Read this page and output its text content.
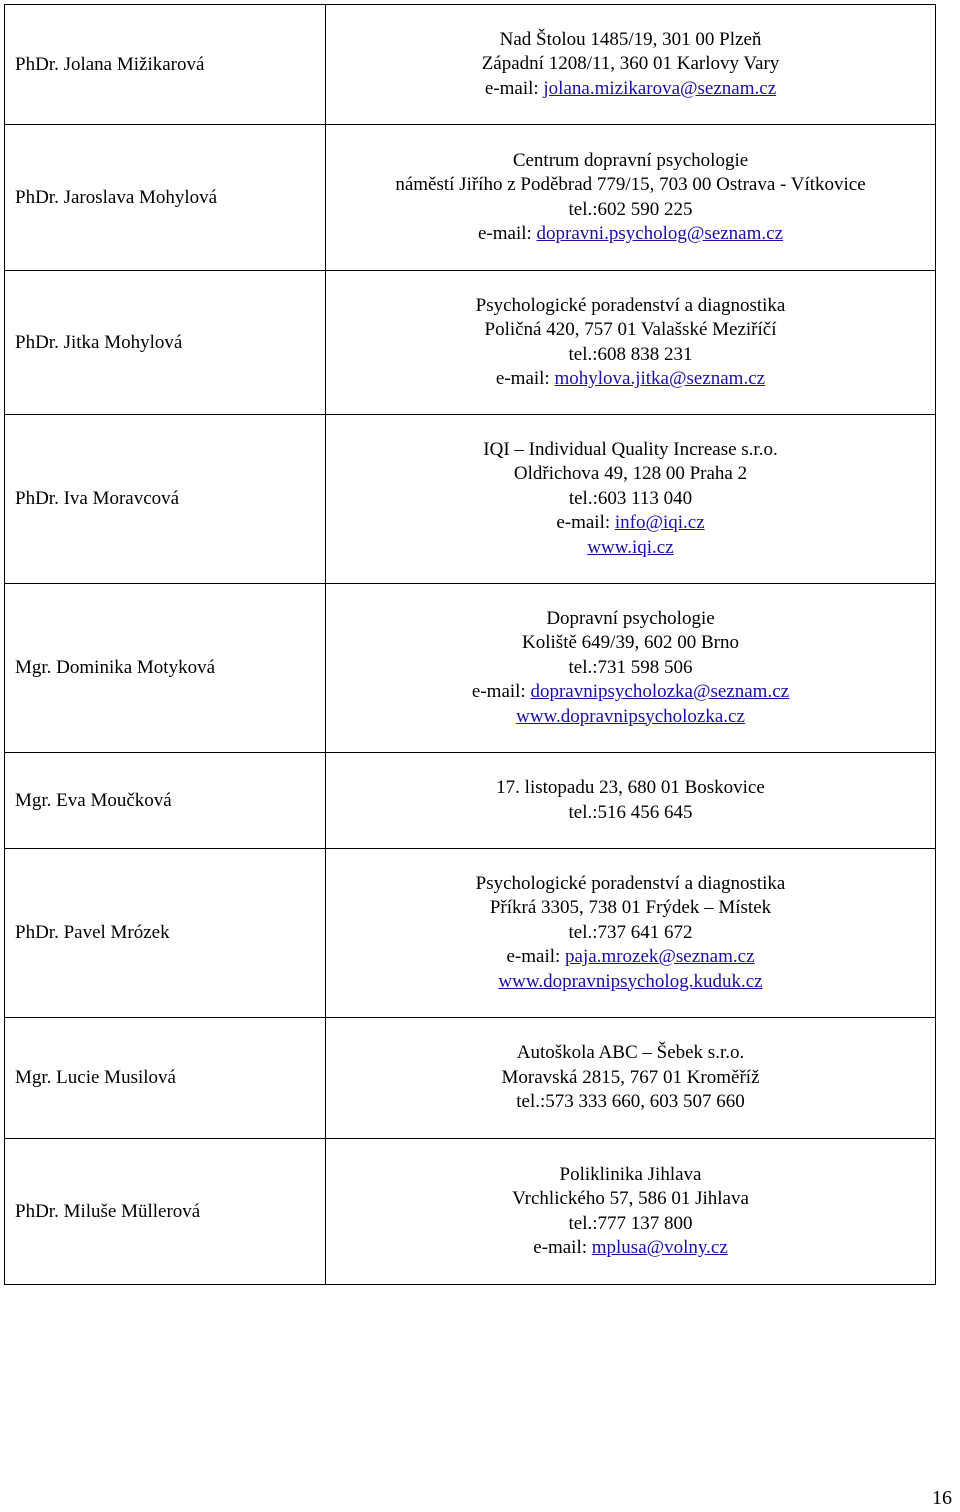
PhDr. Jolana Mižikarová	Nad Štolou 1485/19, 301 00 Plzeň
Západní 1208/11, 360 01 Karlovy Vary
e-mail: jolana.mizikarova@seznam.cz

PhDr. Jaroslava Mohylová	Centrum dopravní psychologie
náměstí Jiřího z Poděbrad 779/15, 703 00 Ostrava - Vítkovice
tel.:602 590 225
e-mail: dopravni.psycholog@seznam.cz

PhDr. Jitka Mohylová	Psychologické poradenství a diagnostika
Poličná 420, 757 01 Valašské Meziříčí
tel.:608 838 231
e-mail: mohylova.jitka@seznam.cz

PhDr. Iva Moravcová	IQI – Individual Quality Increase s.r.o.
Oldřichova 49, 128 00 Praha 2
tel.:603 113 040
e-mail: info@iqi.cz
www.iqi.cz

Mgr. Dominika Motyková	Dopravní psychologie
Koliště 649/39, 602 00 Brno
tel.:731 598 506
e-mail: dopravnipsycholozka@seznam.cz
www.dopravnipsycholozka.cz

Mgr. Eva Moučková	17. listopadu 23, 680 01 Boskovice
tel.:516 456 645

PhDr. Pavel Mrózek	Psychologické poradenství a diagnostika
Příkrá 3305, 738 01 Frýdek – Místek
tel.:737 641 672
e-mail: paja.mrozek@seznam.cz
www.dopravnipsycholog.kuduk.cz

Mgr. Lucie Musilová	Autoškola ABC – Šebek s.r.o.
Moravská 2815, 767 01 Kroměříž
tel.:573 333 660, 603 507 660

PhDr. Miluše Müllerová	Poliklinika Jihlava
Vrchlického 57, 586 01 Jihlava
tel.:777 137 800
e-mail: mplusa@volny.cz
16
